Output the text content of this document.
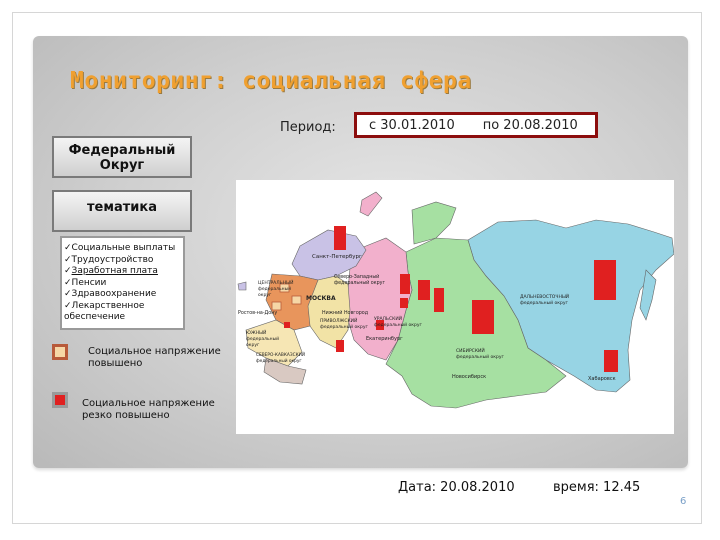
Мониторинг: социальная сфера
Период:	с 30.01.2010 по 20.08.2010
Федеральный
Округ
тематика
✓Социальные выплаты
✓Трудоустройство
✓Заработная плата
✓Пенсии
✓Здравоохранение
✓Лекарственное
обеспечение
Социальное напряжение
повышено
Социальное напряжение
резко повышено
Санкт-Петербург
Северо-Западный
федеральный округ
ЦЕНТРАЛЬНЫЙ
федеральный
округ	МОСКВА
Нижний Новгород
ПРИВОЛЖСКИЙ
федеральный округ
ЮЖНЫЙ
федеральный
округ
Ростов-на-Дону
СЕВЕРО-КАВКАЗСКИЙ
федеральный округ
УРАЛЬСКИЙ
федеральный округ
Екатеринбург
СИБИРСКИЙ
федеральный округ
Новосибирск
ДАЛЬНЕВОСТОЧНЫЙ
федеральный округ
Хабаровск
Дата: 20.08.2010	время: 12.45
6
